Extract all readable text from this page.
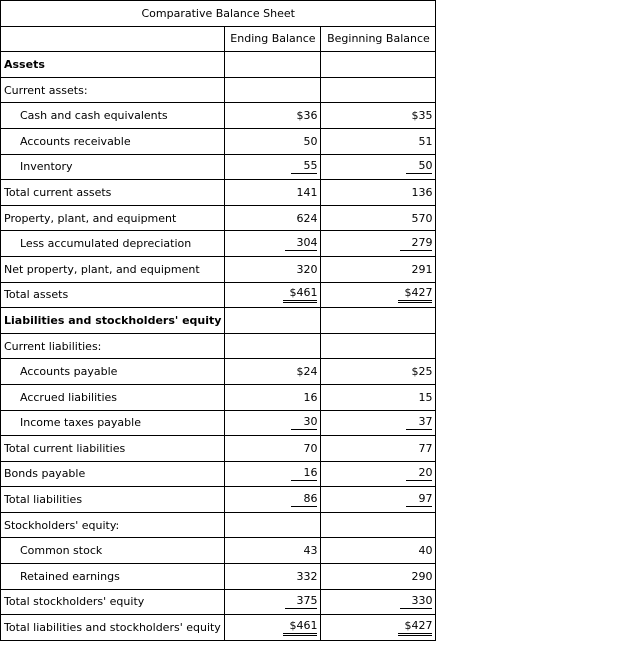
Comparative Balance Sheet		
	Ending Balance	Beginning Balance
Assets		
Current assets:		
Cash and cash equivalents	$36	$35
Accounts receivable	50	51
Inventory	55	50
Total current assets	141	136
Property, plant, and equipment	624	570
Less accumulated depreciation	304	279
Net property, plant, and equipment	320	291
Total assets	$461	$427
Liabilities and stockholders' equity		
Current liabilities:		
Accounts payable	$24	$25
Accrued liabilities	16	15
Income taxes payable	30	37
Total current liabilities	70	77
Bonds payable	16	20
Total liabilities	86	97
Stockholders' equity:		
Common stock	43	40
Retained earnings	332	290
Total stockholders' equity	375	330
Total liabilities and stockholders' equity	$461	$427
